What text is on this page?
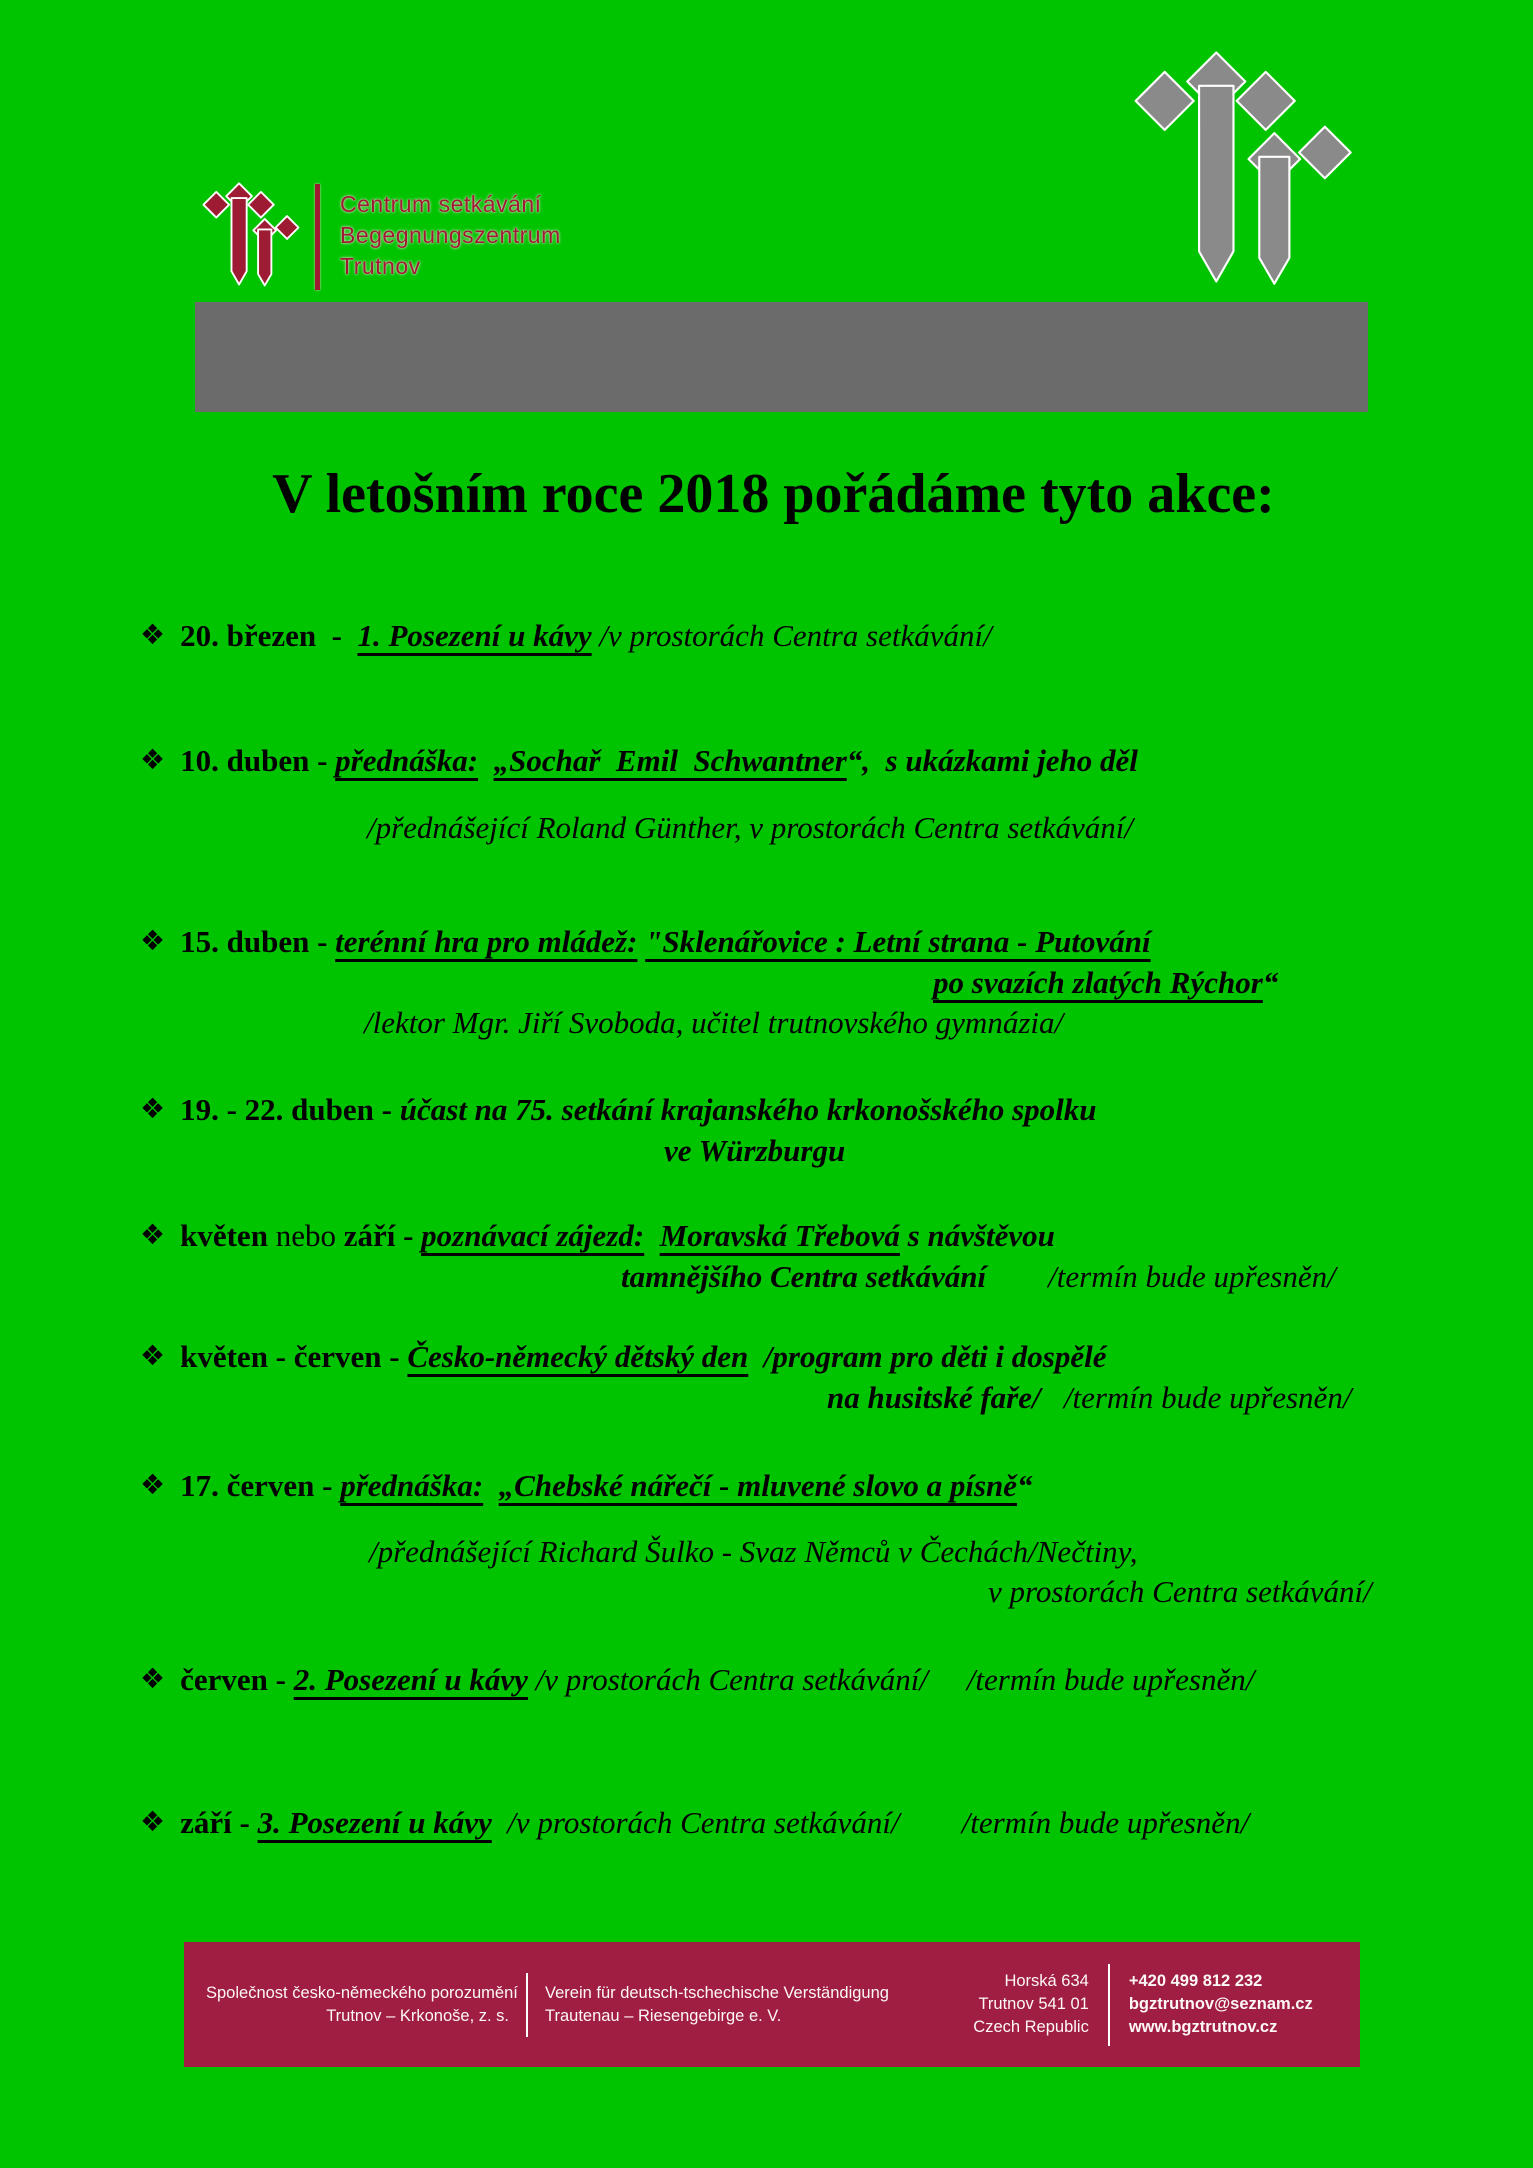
Centrum setkávání
Begegnungszentrum
Trutnov
V letošním roce 2018 pořádáme tyto akce:
❖ 20. březen  -  1. Posezení u kávy /v prostorách Centra setkávání/
❖ 10. duben - přednáška: „Sochař  Emil  Schwantner“,  s ukázkami jeho děl
/přednášející Roland Günther, v prostorách Centra setkávání/
❖ 15. duben - terénní hra pro mládež: "Sklenářovice : Letní strana - Putování
po svazích zlatých Rýchor“
/lektor Mgr. Jiří Svoboda, učitel trutnovského gymnázia/
❖ 19. - 22. duben - účast na 75. setkání krajanského krkonošského spolku
ve Würzburgu
❖ květen nebo září - poznávací zájezd: Moravská Třebová s návštěvou
tamnějšího Centra setkávání        /termín bude upřesněn/
❖ květen - červen - Česko-německý dětský den  /program pro děti i dospělé
na husitské faře/   /termín bude upřesněn/
❖ 17. červen - přednáška: „Chebské nářečí - mluvené slovo a písně“
/přednášející Richard Šulko - Svaz Němců v Čechách/Nečtiny,
v prostorách Centra setkávání/
❖ červen - 2. Posezení u kávy /v prostorách Centra setkávání/     /termín bude upřesněn/
❖ září - 3. Posezení u kávy  /v prostorách Centra setkávání/        /termín bude upřesněn/
Společnost česko-německého porozumění
Trutnov – Krkonoše, z. s.
Verein für deutsch-tschechische Verständigung
Trautenau – Riesengebirge e. V.
Horská 634
Trutnov 541 01
Czech Republic
+420 499 812 232
bgztrutnov@seznam.cz
www.bgztrutnov.cz
